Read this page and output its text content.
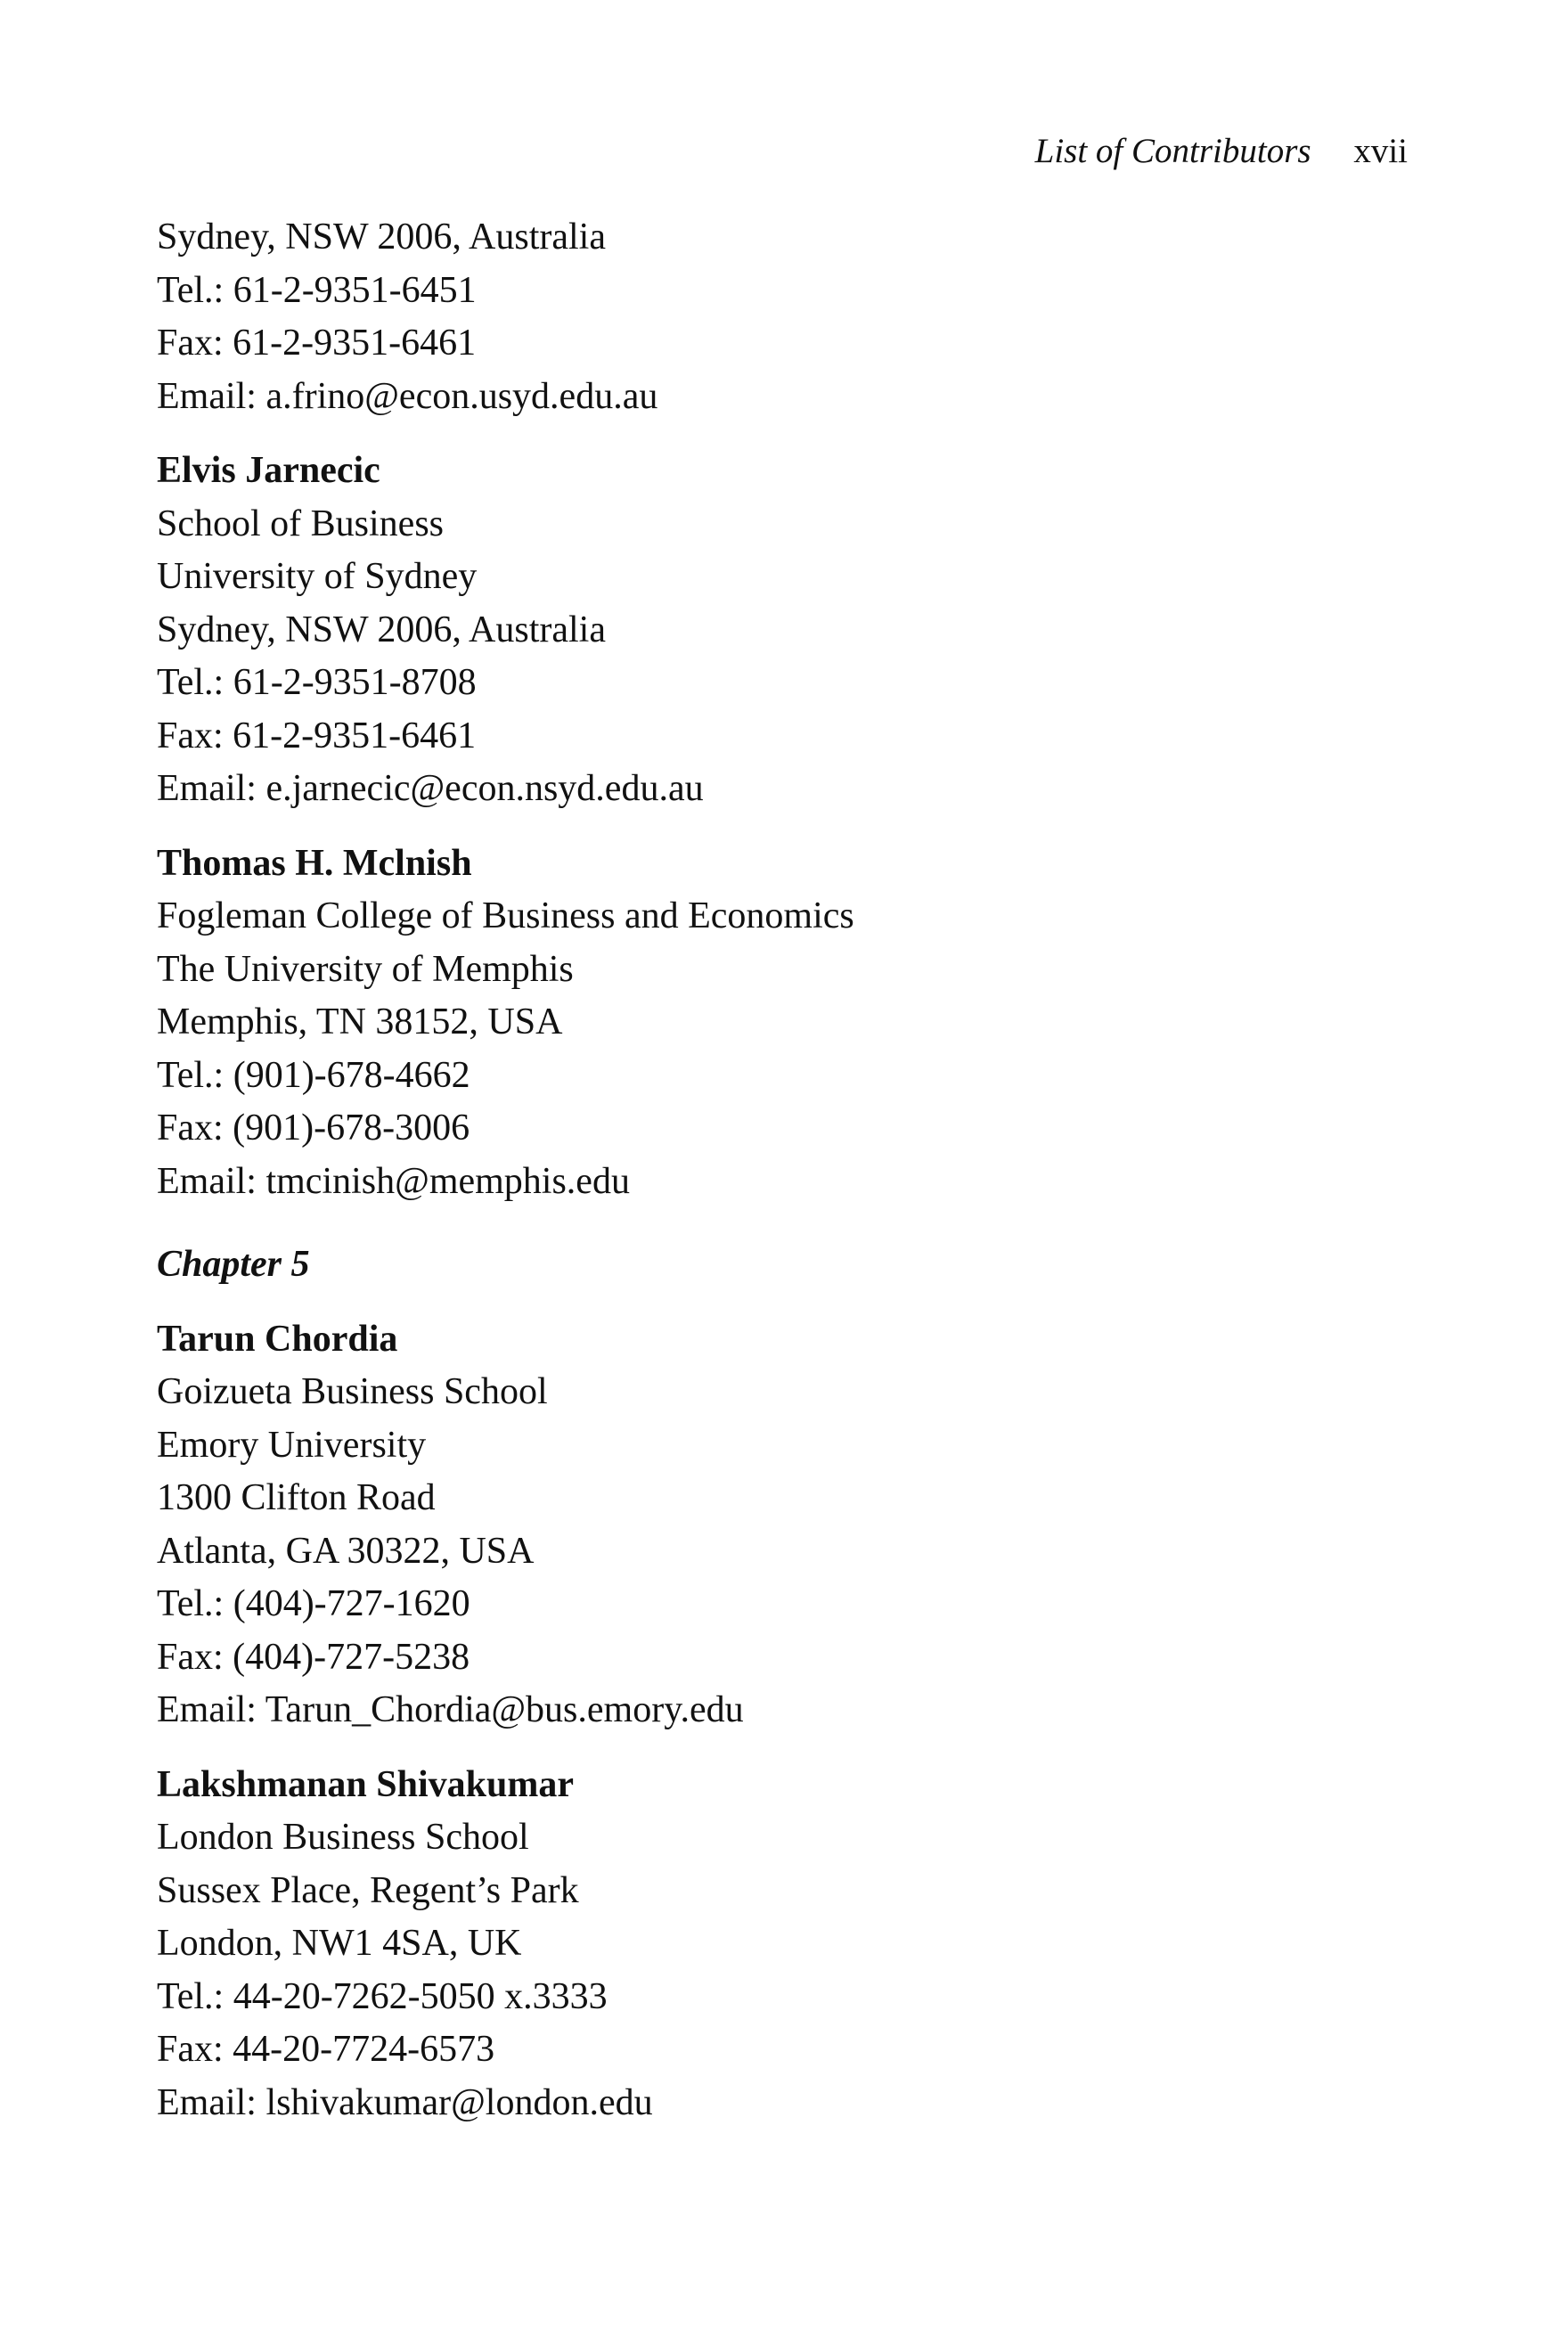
List of Contributors xvii
Sydney, NSW 2006, Australia
Tel.: 61-2-9351-6451
Fax: 61-2-9351-6461
Email: a.frino@econ.usyd.edu.au
Elvis Jarnecic
School of Business
University of Sydney
Sydney, NSW 2006, Australia
Tel.: 61-2-9351-8708
Fax: 61-2-9351-6461
Email: e.jarnecic@econ.nsyd.edu.au
Thomas H. Mclnish
Fogleman College of Business and Economics
The University of Memphis
Memphis, TN 38152, USA
Tel.: (901)-678-4662
Fax: (901)-678-3006
Email: tmcinish@memphis.edu
Chapter 5
Tarun Chordia
Goizueta Business School
Emory University
1300 Clifton Road
Atlanta, GA 30322, USA
Tel.: (404)-727-1620
Fax: (404)-727-5238
Email: Tarun_Chordia@bus.emory.edu
Lakshmanan Shivakumar
London Business School
Sussex Place, Regent’s Park
London, NW1 4SA, UK
Tel.: 44-20-7262-5050 x.3333
Fax: 44-20-7724-6573
Email: lshivakumar@london.edu
